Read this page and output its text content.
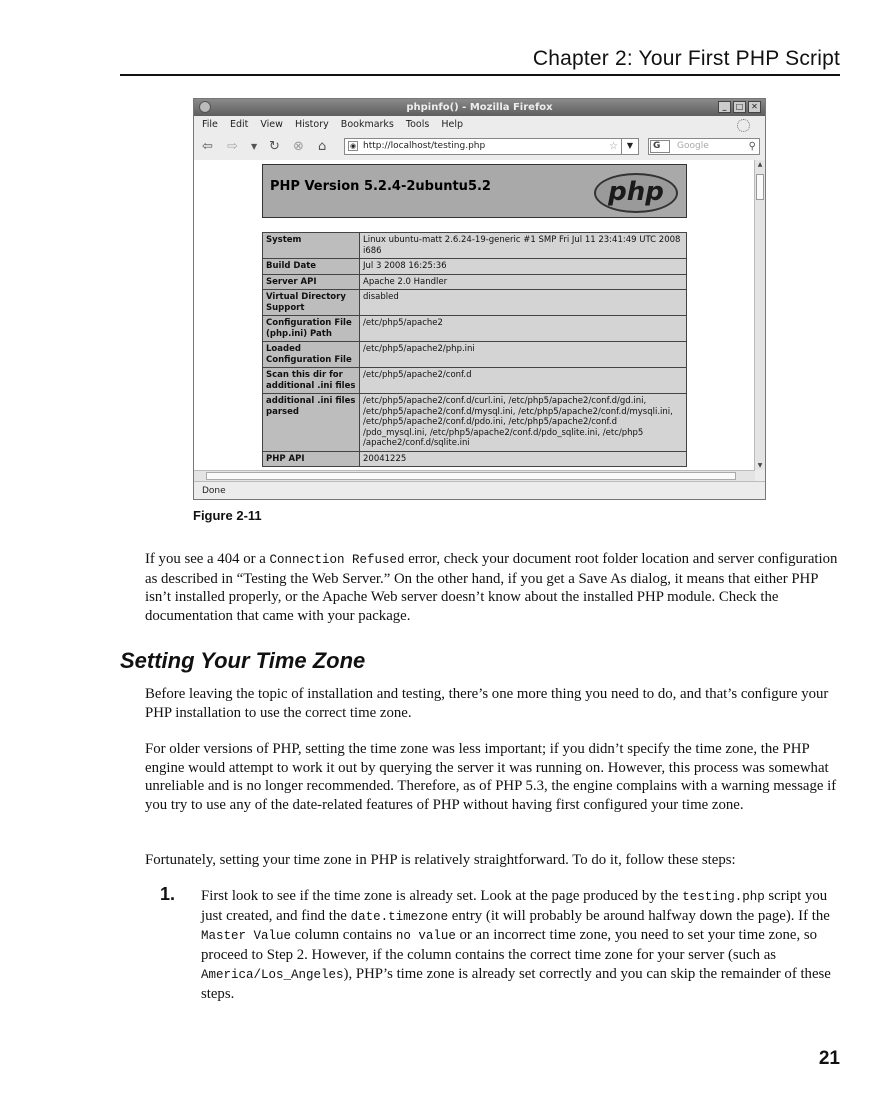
Chapter 2: Your First PHP Script
phpinfo() - Mozilla Firefox	_	□ ✕
File Edit View History Bookmarks Tools Help
⇦ ⇨ ▼ ↻ ⊗ ⌂	◉ http://localhost/testing.php	☆	▼	G	Google	⚲
PHP Version 5.2.4-2ubuntu5.2	php
System	Linux ubuntu-matt 2.6.24-19-generic #1 SMP Fri Jul 11 23:41:49 UTC 2008 i686
Build Date	Jul 3 2008 16:25:36
Server API	Apache 2.0 Handler
Virtual Directory Support	disabled
Configuration File (php.ini) Path	/etc/php5/apache2
Loaded Configuration File	/etc/php5/apache2/php.ini
Scan this dir for additional .ini files	/etc/php5/apache2/conf.d
additional .ini files parsed	/etc/php5/apache2/conf.d/curl.ini, /etc/php5/apache2/conf.d/gd.ini, /etc/php5/apache2/conf.d/mysql.ini, /etc/php5/apache2/conf.d/mysqli.ini, /etc/php5/apache2/conf.d/pdo.ini, /etc/php5/apache2/conf.d /pdo_mysql.ini, /etc/php5/apache2/conf.d/pdo_sqlite.ini, /etc/php5 /apache2/conf.d/sqlite.ini
PHP API	20041225
▲
▼
Done
Figure 2-11

If you see a 404 or a Connection Refused error, check your document root folder location and server configuration as described in “Testing the Web Server.” On the other hand, if you get a Save As dialog, it means that either PHP isn’t installed properly, or the Apache Web server doesn’t know about the installed PHP module. Check the documentation that came with your package.

Setting Your Time Zone

Before leaving the topic of installation and testing, there’s one more thing you need to do, and that’s configure your PHP installation to use the correct time zone.

For older versions of PHP, setting the time zone was less important; if you didn’t specify the time zone, the PHP engine would attempt to work it out by querying the server it was running on. However, this process was somewhat unreliable and is no longer recommended. Therefore, as of PHP 5.3, the engine complains with a warning message if you try to use any of the date-related features of PHP without having first configured your time zone.

Fortunately, setting your time zone in PHP is relatively straightforward. To do it, follow these steps:

1. First look to see if the time zone is already set. Look at the page produced by the testing.php script you just created, and find the date.timezone entry (it will probably be around halfway down the page). If the Master Value column contains no value or an incorrect time zone, you need to set your time zone, so proceed to Step 2. However, if the column contains the correct time zone for your server (such as America/Los_Angeles), PHP’s time zone is already set correctly and you can skip the remainder of these steps.

21
